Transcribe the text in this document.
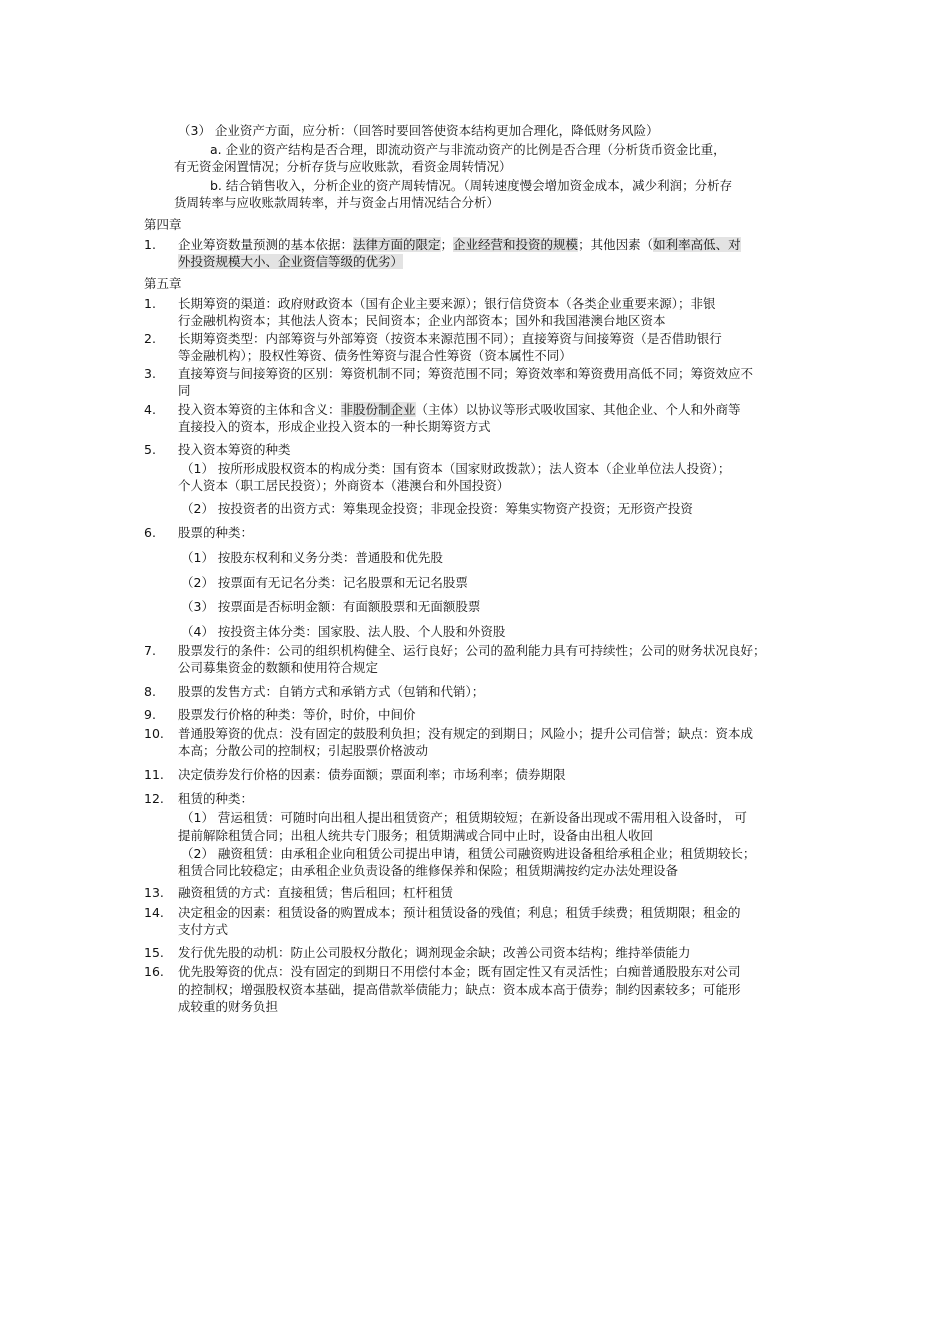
（3） 企业资产方面，应分析：（回答时要回答使资本结构更加合理化，降低财务风险）
a. 企业的资产结构是否合理，即流动资产与非流动资产的比例是否合理（分析货币资金比重，
有无资金闲置情况；分析存货与应收账款，看资金周转情况）
b. 结合销售收入，分析企业的资产周转情况。（周转速度慢会增加资金成本，减少利润；分析存
货周转率与应收账款周转率，并与资金占用情况结合分析）
第四章
1. 企业筹资数量预测的基本依据：法律方面的限定；企业经营和投资的规模；其他因素（如利率高低、对
外投资规模大小、企业资信等级的优劣）
第五章
1. 长期筹资的渠道：政府财政资本（国有企业主要来源）；银行信贷资本（各类企业重要来源）；非银
行金融机构资本；其他法人资本；民间资本；企业内部资本；国外和我国港澳台地区资本
2. 长期筹资类型：内部筹资与外部筹资（按资本来源范围不同）；直接筹资与间接筹资（是否借助银行
等金融机构）；股权性筹资、债务性筹资与混合性筹资（资本属性不同）
3. 直接筹资与间接筹资的区别：筹资机制不同；筹资范围不同；筹资效率和筹资费用高低不同；筹资效应不
同
4. 投入资本筹资的主体和含义：非股份制企业（主体）以协议等形式吸收国家、其他企业、个人和外商等
直接投入的资本，形成企业投入资本的一种长期筹资方式
5. 投入资本筹资的种类
（1） 按所形成股权资本的构成分类：国有资本（国家财政拨款）；法人资本（企业单位法人投资）；
个人资本（职工居民投资）；外商资本（港澳台和外国投资）
（2） 按投资者的出资方式：筹集现金投资；非现金投资：筹集实物资产投资；无形资产投资
6. 股票的种类：
（1） 按股东权利和义务分类：普通股和优先股
（2） 按票面有无记名分类：记名股票和无记名股票
（3） 按票面是否标明金额：有面额股票和无面额股票
（4） 按投资主体分类：国家股、法人股、个人股和外资股
7. 股票发行的条件：公司的组织机构健全、运行良好；公司的盈利能力具有可持续性；公司的财务状况良好；
公司募集资金的数额和使用符合规定
8. 股票的发售方式：自销方式和承销方式（包销和代销）；
9. 股票发行价格的种类：等价，时价，中间价
10. 普通股筹资的优点：没有固定的鼓股利负担；没有规定的到期日；风险小；提升公司信誉；缺点：资本成
本高；分散公司的控制权；引起股票价格波动
11. 决定债券发行价格的因素：债券面额；票面利率；市场利率；债券期限
12. 租赁的种类：
（1） 营运租赁：可随时向出租人提出租赁资产；租赁期较短；在新设备出现或不需用租入设备时， 可
提前解除租赁合同；出租人统共专门服务；租赁期满或合同中止时，设备由出租人收回
（2） 融资租赁：由承租企业向租赁公司提出申请，租赁公司融资购进设备租给承租企业；租赁期较长；
租赁合同比较稳定；由承租企业负责设备的维修保养和保险；租赁期满按约定办法处理设备
13. 融资租赁的方式：直接租赁；售后租回；杠杆租赁
14. 决定租金的因素：租赁设备的购置成本；预计租赁设备的残值；利息；租赁手续费；租赁期限；租金的
支付方式
15. 发行优先股的动机：防止公司股权分散化；调剂现金余缺；改善公司资本结构；维持举债能力
16. 优先股筹资的优点：没有固定的到期日不用偿付本金；既有固定性又有灵活性；白痴普通股股东对公司
的控制权；增强股权资本基础，提高借款举债能力；缺点：资本成本高于债券；制约因素较多；可能形
成较重的财务负担
